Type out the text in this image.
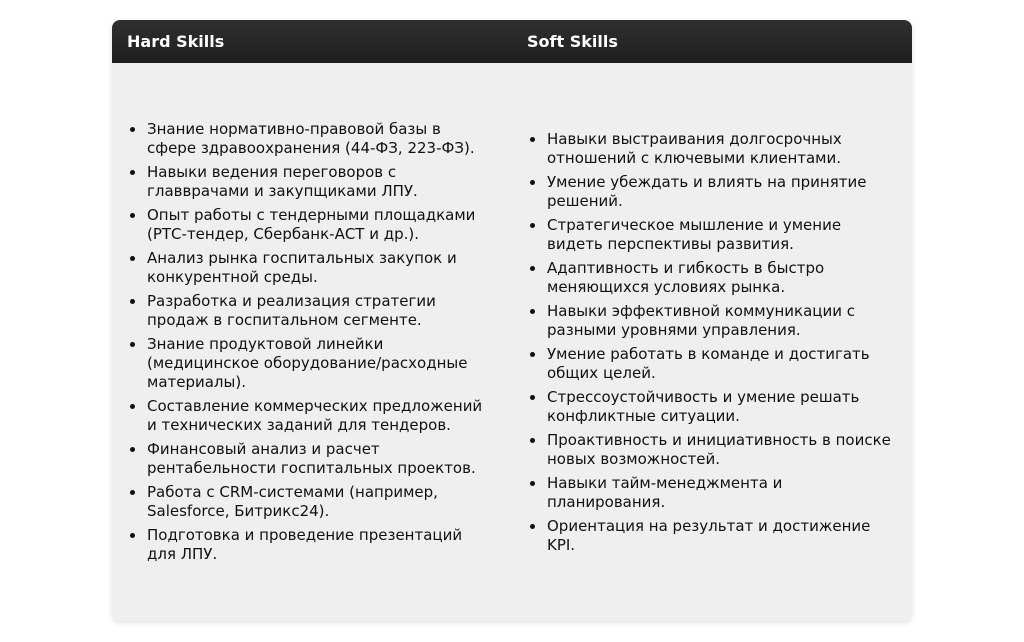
Hard Skills	Soft Skills
Знание нормативно-правовой базы в сфере здравоохранения (44-ФЗ, 223-ФЗ).
Навыки ведения переговоров с главврачами и закупщиками ЛПУ.
Опыт работы с тендерными площадками (РТС-тендер, Сбербанк-АСТ и др.).
Анализ рынка госпитальных закупок и конкурентной среды.
Разработка и реализация стратегии продаж в госпитальном сегменте.
Знание продуктовой линейки (медицинское оборудование/расходные материалы).
Составление коммерческих предложений и технических заданий для тендеров.
Финансовый анализ и расчет рентабельности госпитальных проектов.
Работа с CRM-системами (например, Salesforce, Битрикс24).
Подготовка и проведение презентаций для ЛПУ.
Навыки выстраивания долгосрочных отношений с ключевыми клиентами.
Умение убеждать и влиять на принятие решений.
Стратегическое мышление и умение видеть перспективы развития.
Адаптивность и гибкость в быстро меняющихся условиях рынка.
Навыки эффективной коммуникации с разными уровнями управления.
Умение работать в команде и достигать общих целей.
Стрессоустойчивость и умение решать конфликтные ситуации.
Проактивность и инициативность в поиске новых возможностей.
Навыки тайм-менеджмента и планирования.
Ориентация на результат и достижение KPI.
